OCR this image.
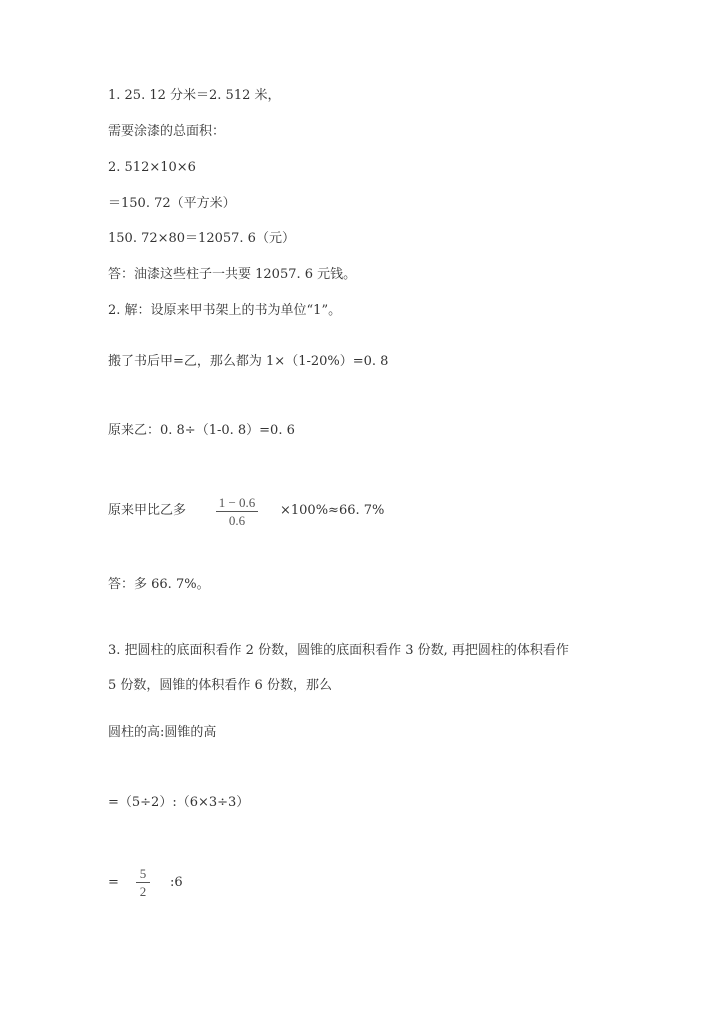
1. 25. 12 分米＝2. 512 米，
需要涂漆的总面积：
2. 512×10×6
＝150. 72（平方米）
150. 72×80＝12057. 6（元）
答：油漆这些柱子一共要 12057. 6 元钱。
2. 解：设原来甲书架上的书为单位“1”。
搬了书后甲=乙，那么都为 1×（1-20%）=0. 8
原来乙：0. 8÷（1-0. 8）=0. 6
原来甲比乙多
1 − 0.6
0.6
×100%≈66. 7%
答：多 66. 7%。
3. 把圆柱的底面积看作 2 份数，圆锥的底面积看作 3 份数, 再把圆柱的体积看作
5 份数，圆锥的体积看作 6 份数，那么
圆柱的高:圆锥的高
=（5÷2）:（6×3÷3）
=
5
2
:6
